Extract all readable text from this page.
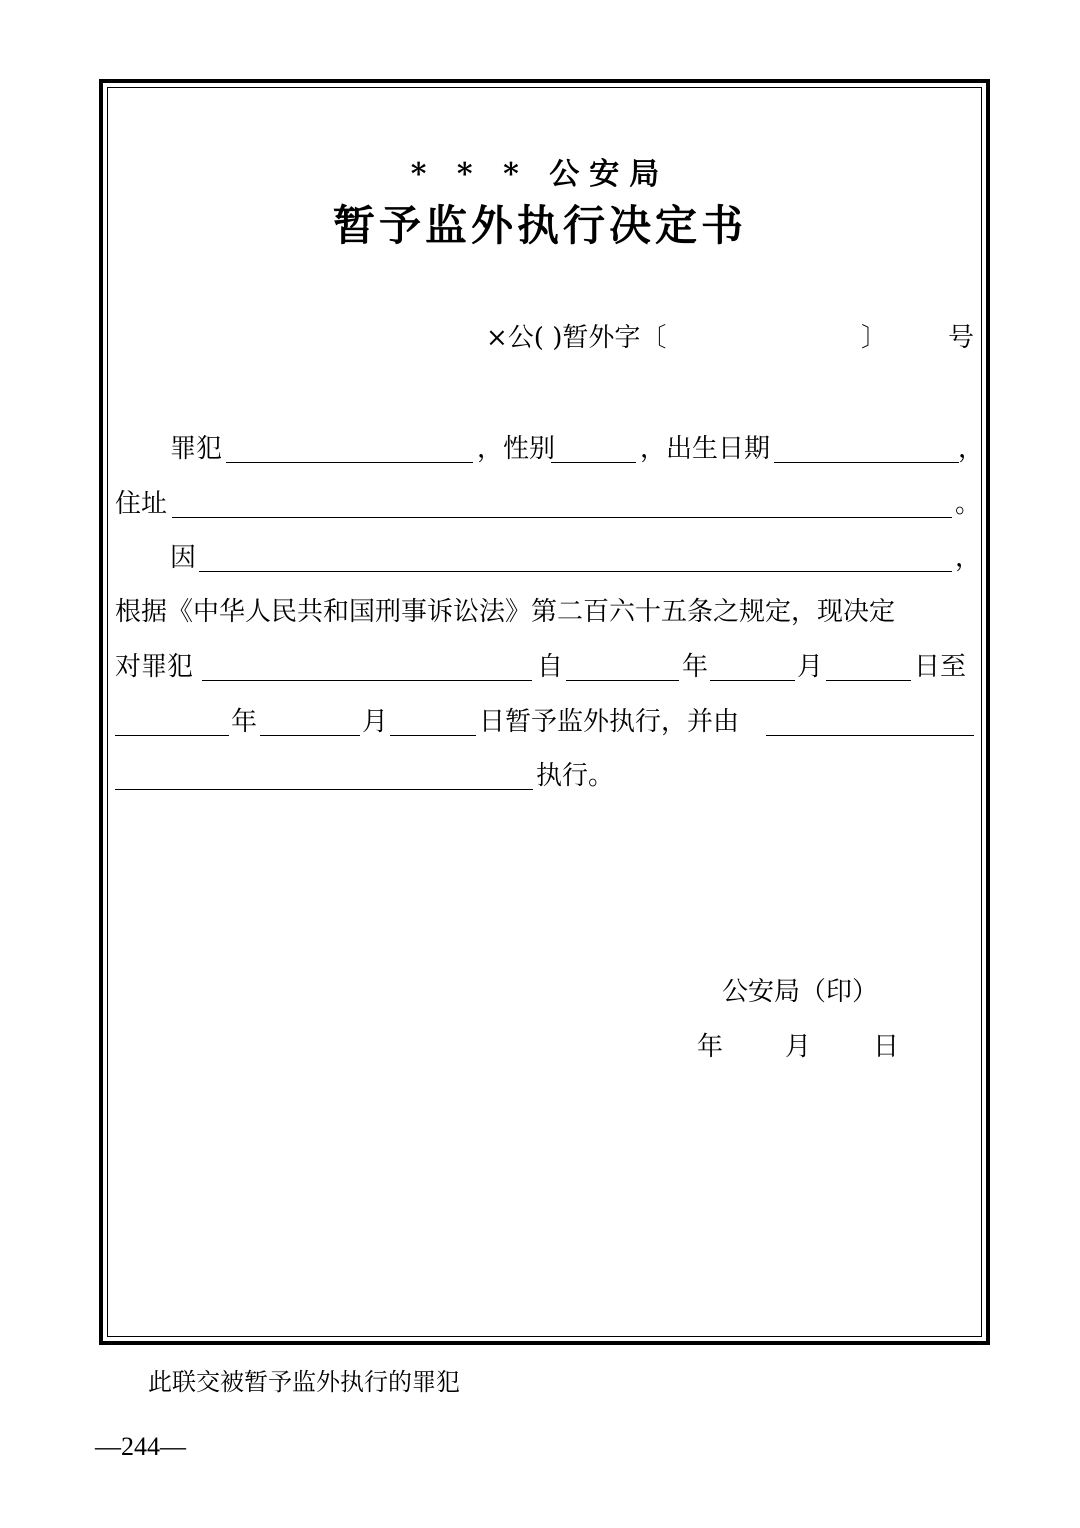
* * * 公安局
暂予监外执行决定书
×公( )暂外字〔	〕 号
罪犯	，性别	，出生日期	，
住址	。
因	，
根据《中华人民共和国刑事诉讼法》第二百六十五条之规定，现决定
对罪犯	自	年	月	日至
年	月	日暂予监外执行，并由
执行。
公安局（印）
年 月 日
此联交被暂予监外执行的罪犯
—244—
